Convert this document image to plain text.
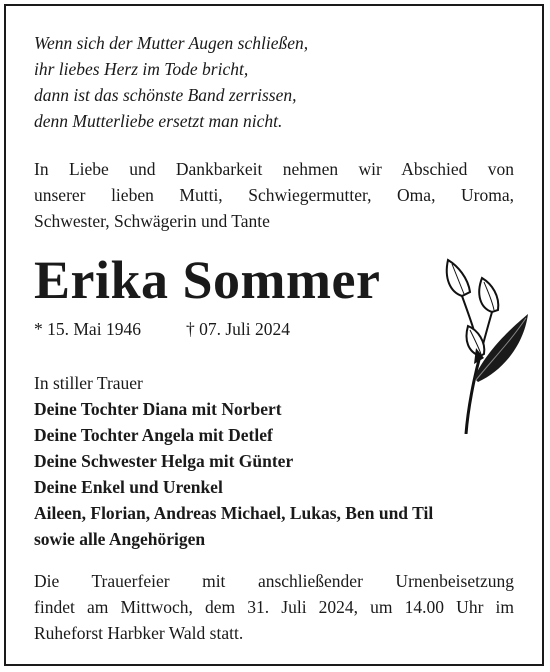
Wenn sich der Mutter Augen schließen,
ihr liebes Herz im Tode bricht,
dann ist das schönste Band zerrissen,
denn Mutterliebe ersetzt man nicht.
In Liebe und Dankbarkeit nehmen wir Abschied von
unserer lieben Mutti, Schwiegermutter, Oma, Uroma,
Schwester, Schwägerin und Tante
Erika Sommer
* 15. Mai 1946	† 07. Juli 2024
In stiller Trauer
Deine Tochter Diana mit Norbert
Deine Tochter Angela mit Detlef
Deine Schwester Helga mit Günter
Deine Enkel und Urenkel
Aileen, Florian, Andreas Michael, Lukas, Ben und Til
sowie alle Angehörigen
Die Trauerfeier mit anschließender Urnenbeisetzung
findet am Mittwoch, dem 31. Juli 2024, um 14.00 Uhr im
Ruheforst Harbker Wald statt.
